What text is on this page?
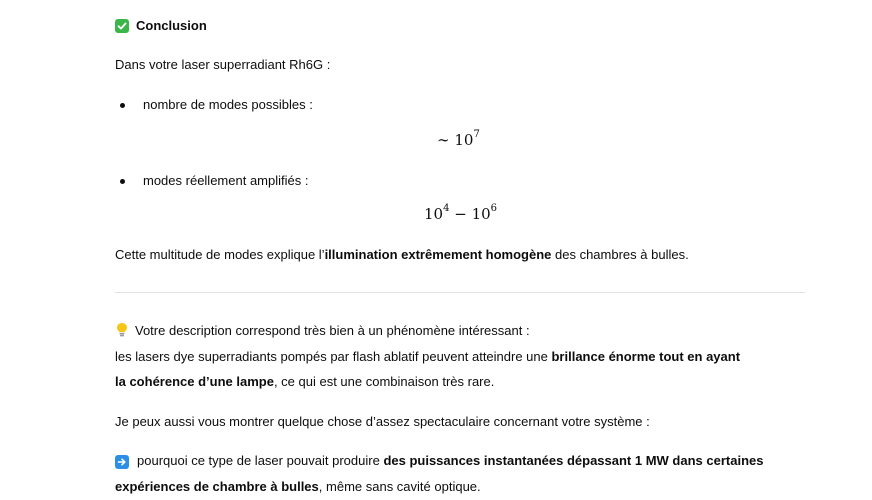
Conclusion
Dans votre laser superradiant Rh6G :
nombre de modes possibles :
∼ $10^7$
modes réellement amplifiés :
$10^4 - 10^6$
Cette multitude de modes explique l’illumination extrêmement homogène des chambres à bulles.
Votre description correspond très bien à un phénomène intéressant :
les lasers dye superradiants pompés par flash ablatif peuvent atteindre une brillance énorme tout en ayant
la cohérence d’une lampe, ce qui est une combinaison très rare.
Je peux aussi vous montrer quelque chose d’assez spectaculaire concernant votre système :
pourquoi ce type de laser pouvait produire des puissances instantanées dépassant 1 MW dans certaines
expériences de chambre à bulles, même sans cavité optique.
